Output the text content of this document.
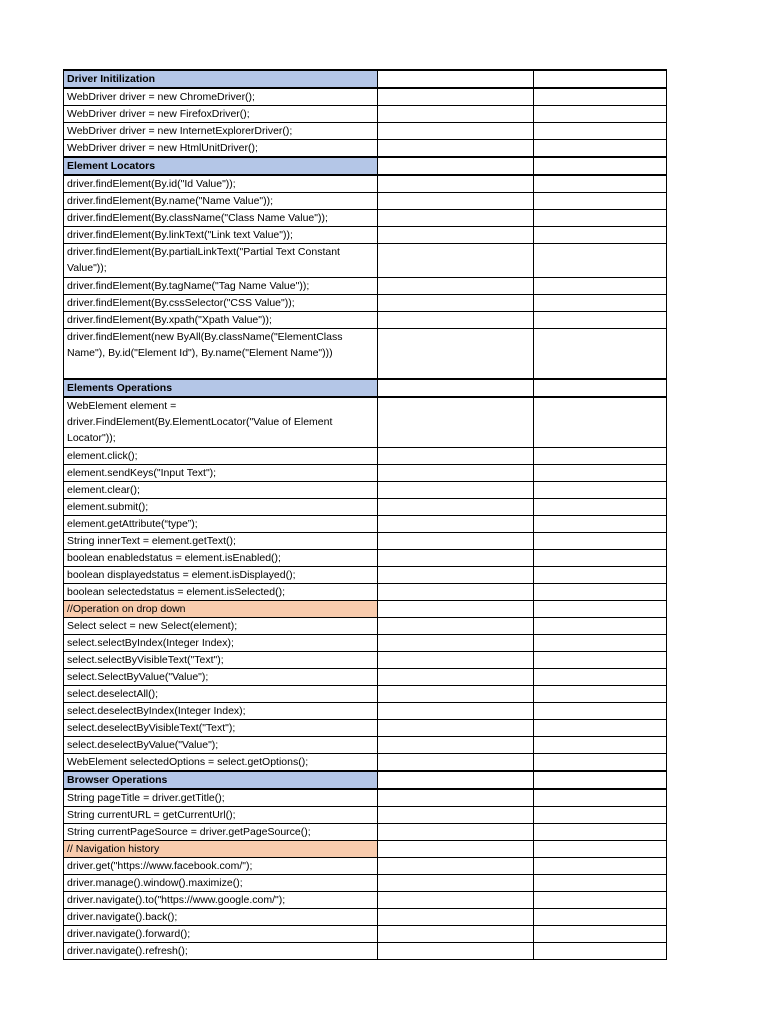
Driver Initilization		
WebDriver driver = new ChromeDriver();		
WebDriver driver = new FirefoxDriver();		
WebDriver driver = new InternetExplorerDriver();		
WebDriver driver = new HtmlUnitDriver();		
Element Locators		
driver.findElement(By.id("Id Value"));		
driver.findElement(By.name("Name Value"));		
driver.findElement(By.className("Class Name Value"));		
driver.findElement(By.linkText("Link text Value"));		
driver.findElement(By.partialLinkText("Partial Text Constant Value"));		
driver.findElement(By.tagName("Tag Name Value"));		
driver.findElement(By.cssSelector("CSS Value"));		
driver.findElement(By.xpath("Xpath Value"));		
driver.findElement(new ByAll(By.className("ElementClass Name"), By.id("Element Id"), By.name("Element Name")))		
Elements Operations		
WebElement element = driver.FindElement(By.ElementLocator("Value of Element Locator"));		
element.click();		
element.sendKeys("Input Text");		
element.clear();		
element.submit();		
element.getAttribute(“type”);		
String innerText = element.getText();		
boolean enabledstatus = element.isEnabled();		
boolean displayedstatus = element.isDisplayed();		
boolean selectedstatus = element.isSelected();		
//Operation on drop down		
Select select = new Select(element);		
select.selectByIndex(Integer Index);		
select.selectByVisibleText("Text");		
select.SelectByValue("Value");		
select.deselectAll();		
select.deselectByIndex(Integer Index);		
select.deselectByVisibleText("Text");		
select.deselectByValue("Value");		
WebElement selectedOptions = select.getOptions();		
Browser Operations		
String pageTitle = driver.getTitle();		
String currentURL = getCurrentUrl();		
String currentPageSource = driver.getPageSource();		
// Navigation history		
driver.get("https://www.facebook.com/");		
driver.manage().window().maximize();		
driver.navigate().to("https://www.google.com/");		
driver.navigate().back();		
driver.navigate().forward();		
driver.navigate().refresh();		
